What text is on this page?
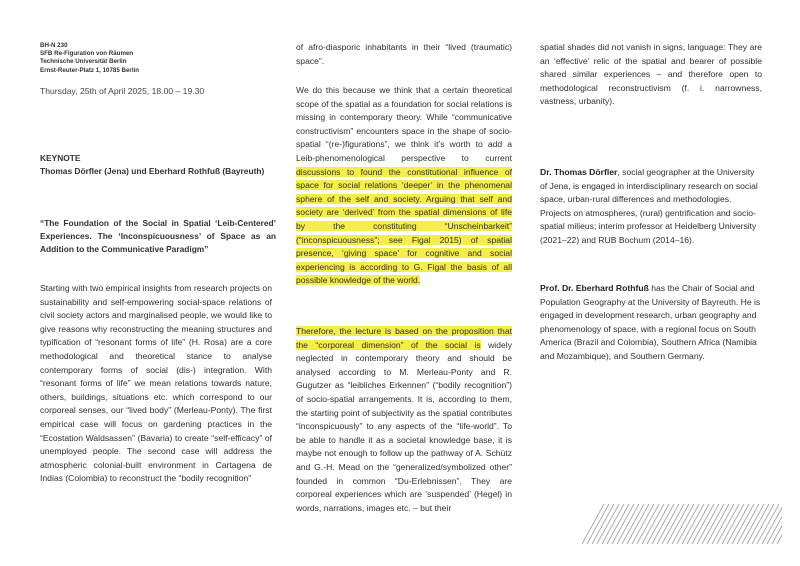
BH-N 230
SFB Re-Figuration von Räumen
Technische Universität Berlin
Ernst-Reuter-Platz 1, 10785 Berlin
Thursday, 25th of April 2025, 18.00 – 19.30
KEYNOTE
Thomas Dörfler (Jena) und Eberhard Rothfuß (Bayreuth)
“The Foundation of the Social in Spatial ‘Leib-Centered’ Experiences. The ‘Inconspicuousness’ of Space as an Addition to the Communicative Paradigm”
Starting with two empirical insights from research projects on sustainability and self-empowering social-space relations of civil society actors and marginalised people, we would like to give reasons why reconstructing the meaning structures and typification of “resonant forms of life” (H. Rosa) are a core methodological and theoretical stance to analyse contemporary forms of social (dis-) integration. With “resonant forms of life” we mean relations towards nature, others, buildings, situations etc. which correspond to our corporeal senses, our “lived body” (Merleau-Ponty). The first empirical case will focus on gardening practices in the “Ecostation Waldsassen” (Bavaria) to create “self-efficacy” of unemployed people. The second case will address the atmospheric colonial-built environment in Cartagena de Indias (Colombia) to reconstruct the “bodily recognition”
of afro-diasporic inhabitants in their “lived (traumatic) space”.
We do this because we think that a certain theoretical scope of the spatial as a foundation for social relations is missing in contemporary theory. While “communicative constructivism” encounters space in the shape of socio-spatial “(re-)figurations”, we think it’s worth to add a Leib-phenomenological perspective to current discussions to found the constitutional influence of space for social relations ‘deeper’ in the phenomenal sphere of the self and society. Arguing that self and society are ‘derived’ from the spatial dimensions of life by the constituting “Unscheinbarkeit” (“inconspicuousness”; see Figal 2015) of spatial presence, ‘giving space’ for cognitive and social experiencing is according to G. Figal the basis of all possible knowledge of the world.
Therefore, the lecture is based on the proposition that the “corporeal dimension” of the social is widely neglected in contemporary theory and should be analysed according to M. Merleau-Ponty and R. Gugutzer as “leibliches Erkennen” (“bodily recognition”) of socio-spatial arrangements. It is, according to them, the starting point of subjectivity as the spatial contributes “inconspicuously” to any aspects of the “life-world”. To be able to handle it as a societal knowledge base, it is maybe not enough to follow up the pathway of A. Schütz and G.-H. Mead on the “generalized/symbolized other” founded in common “Du-Erlebnissen”. They are corporeal experiences which are ‘suspended’ (Hegel) in words, narrations, images etc. – but their
spatial shades did not vanish in signs, language: They are an ‘effective’ relic of the spatial and bearer of possible shared similar experiences – and therefore open to methodological reconstructivism (f. i. narrowness, vastness, urbanity).
Dr. Thomas Dörfler, social geographer at the University of Jena, is engaged in interdisciplinary research on social space, urban-rural differences and methodologies. Projects on atmospheres, (rural) gentrification and socio-spatial milieus; interim professor at Heidelberg University (2021–22) and RUB Bochum (2014–16).
Prof. Dr. Eberhard Rothfuß has the Chair of Social and Population Geography at the University of Bayreuth. He is engaged in development research, urban geography and phenomenology of space, with a regional focus on South America (Brazil and Colombia), Southern Africa (Namibia and Mozambique), and Southern Germany.
